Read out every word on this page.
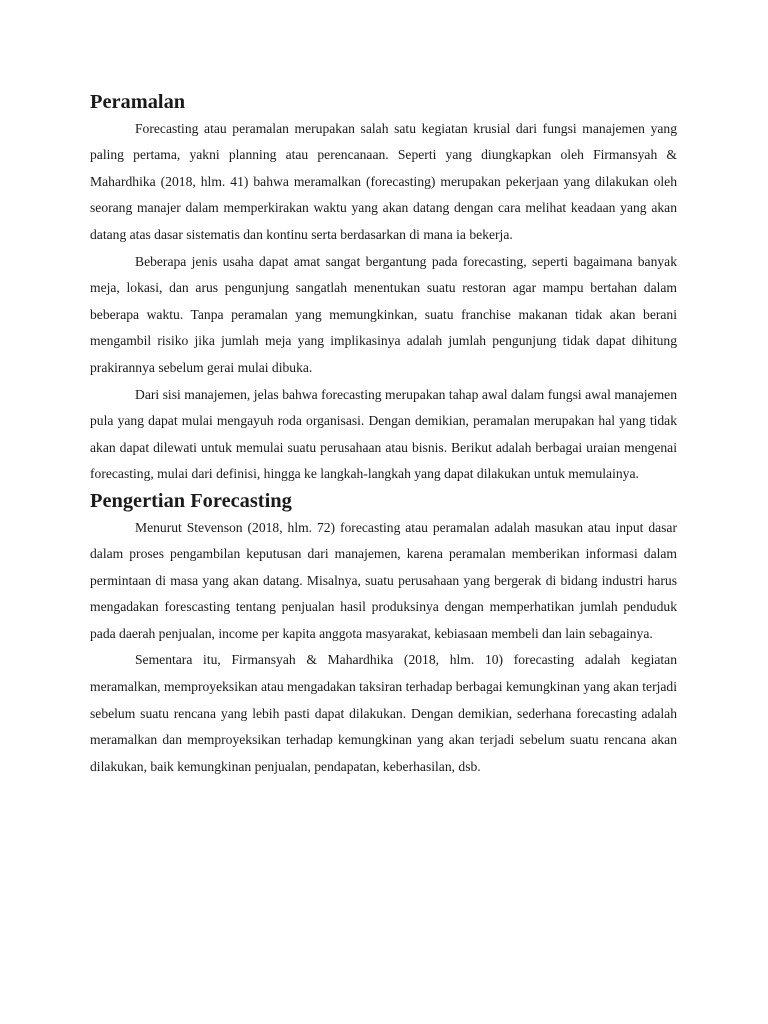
Peramalan

Forecasting atau peramalan merupakan salah satu kegiatan krusial dari fungsi manajemen yang paling pertama, yakni planning atau perencanaan. Seperti yang diungkapkan oleh Firmansyah & Mahardhika (2018, hlm. 41) bahwa meramalkan (forecasting) merupakan pekerjaan yang dilakukan oleh seorang manajer dalam memperkirakan waktu yang akan datang dengan cara melihat keadaan yang akan datang atas dasar sistematis dan kontinu serta berdasarkan di mana ia bekerja.

Beberapa jenis usaha dapat amat sangat bergantung pada forecasting, seperti bagaimana banyak meja, lokasi, dan arus pengunjung sangatlah menentukan suatu restoran agar mampu bertahan dalam beberapa waktu. Tanpa peramalan yang memungkinkan, suatu franchise makanan tidak akan berani mengambil risiko jika jumlah meja yang implikasinya adalah jumlah pengunjung tidak dapat dihitung prakirannya sebelum gerai mulai dibuka.

Dari sisi manajemen, jelas bahwa forecasting merupakan tahap awal dalam fungsi awal manajemen pula yang dapat mulai mengayuh roda organisasi. Dengan demikian, peramalan merupakan hal yang tidak akan dapat dilewati untuk memulai suatu perusahaan atau bisnis. Berikut adalah berbagai uraian mengenai forecasting, mulai dari definisi, hingga ke langkah-langkah yang dapat dilakukan untuk memulainya.

Pengertian Forecasting

Menurut Stevenson (2018, hlm. 72) forecasting atau peramalan adalah masukan atau input dasar dalam proses pengambilan keputusan dari manajemen, karena peramalan memberikan informasi dalam permintaan di masa yang akan datang. Misalnya, suatu perusahaan yang bergerak di bidang industri harus mengadakan forescasting tentang penjualan hasil produksinya dengan memperhatikan jumlah penduduk pada daerah penjualan, income per kapita anggota masyarakat, kebiasaan membeli dan lain sebagainya.

Sementara itu, Firmansyah & Mahardhika (2018, hlm. 10) forecasting adalah kegiatan meramalkan, memproyeksikan atau mengadakan taksiran terhadap berbagai kemungkinan yang akan terjadi sebelum suatu rencana yang lebih pasti dapat dilakukan. Dengan demikian, sederhana forecasting adalah meramalkan dan memproyeksikan terhadap kemungkinan yang akan terjadi sebelum suatu rencana akan dilakukan, baik kemungkinan penjualan, pendapatan, keberhasilan, dsb.
